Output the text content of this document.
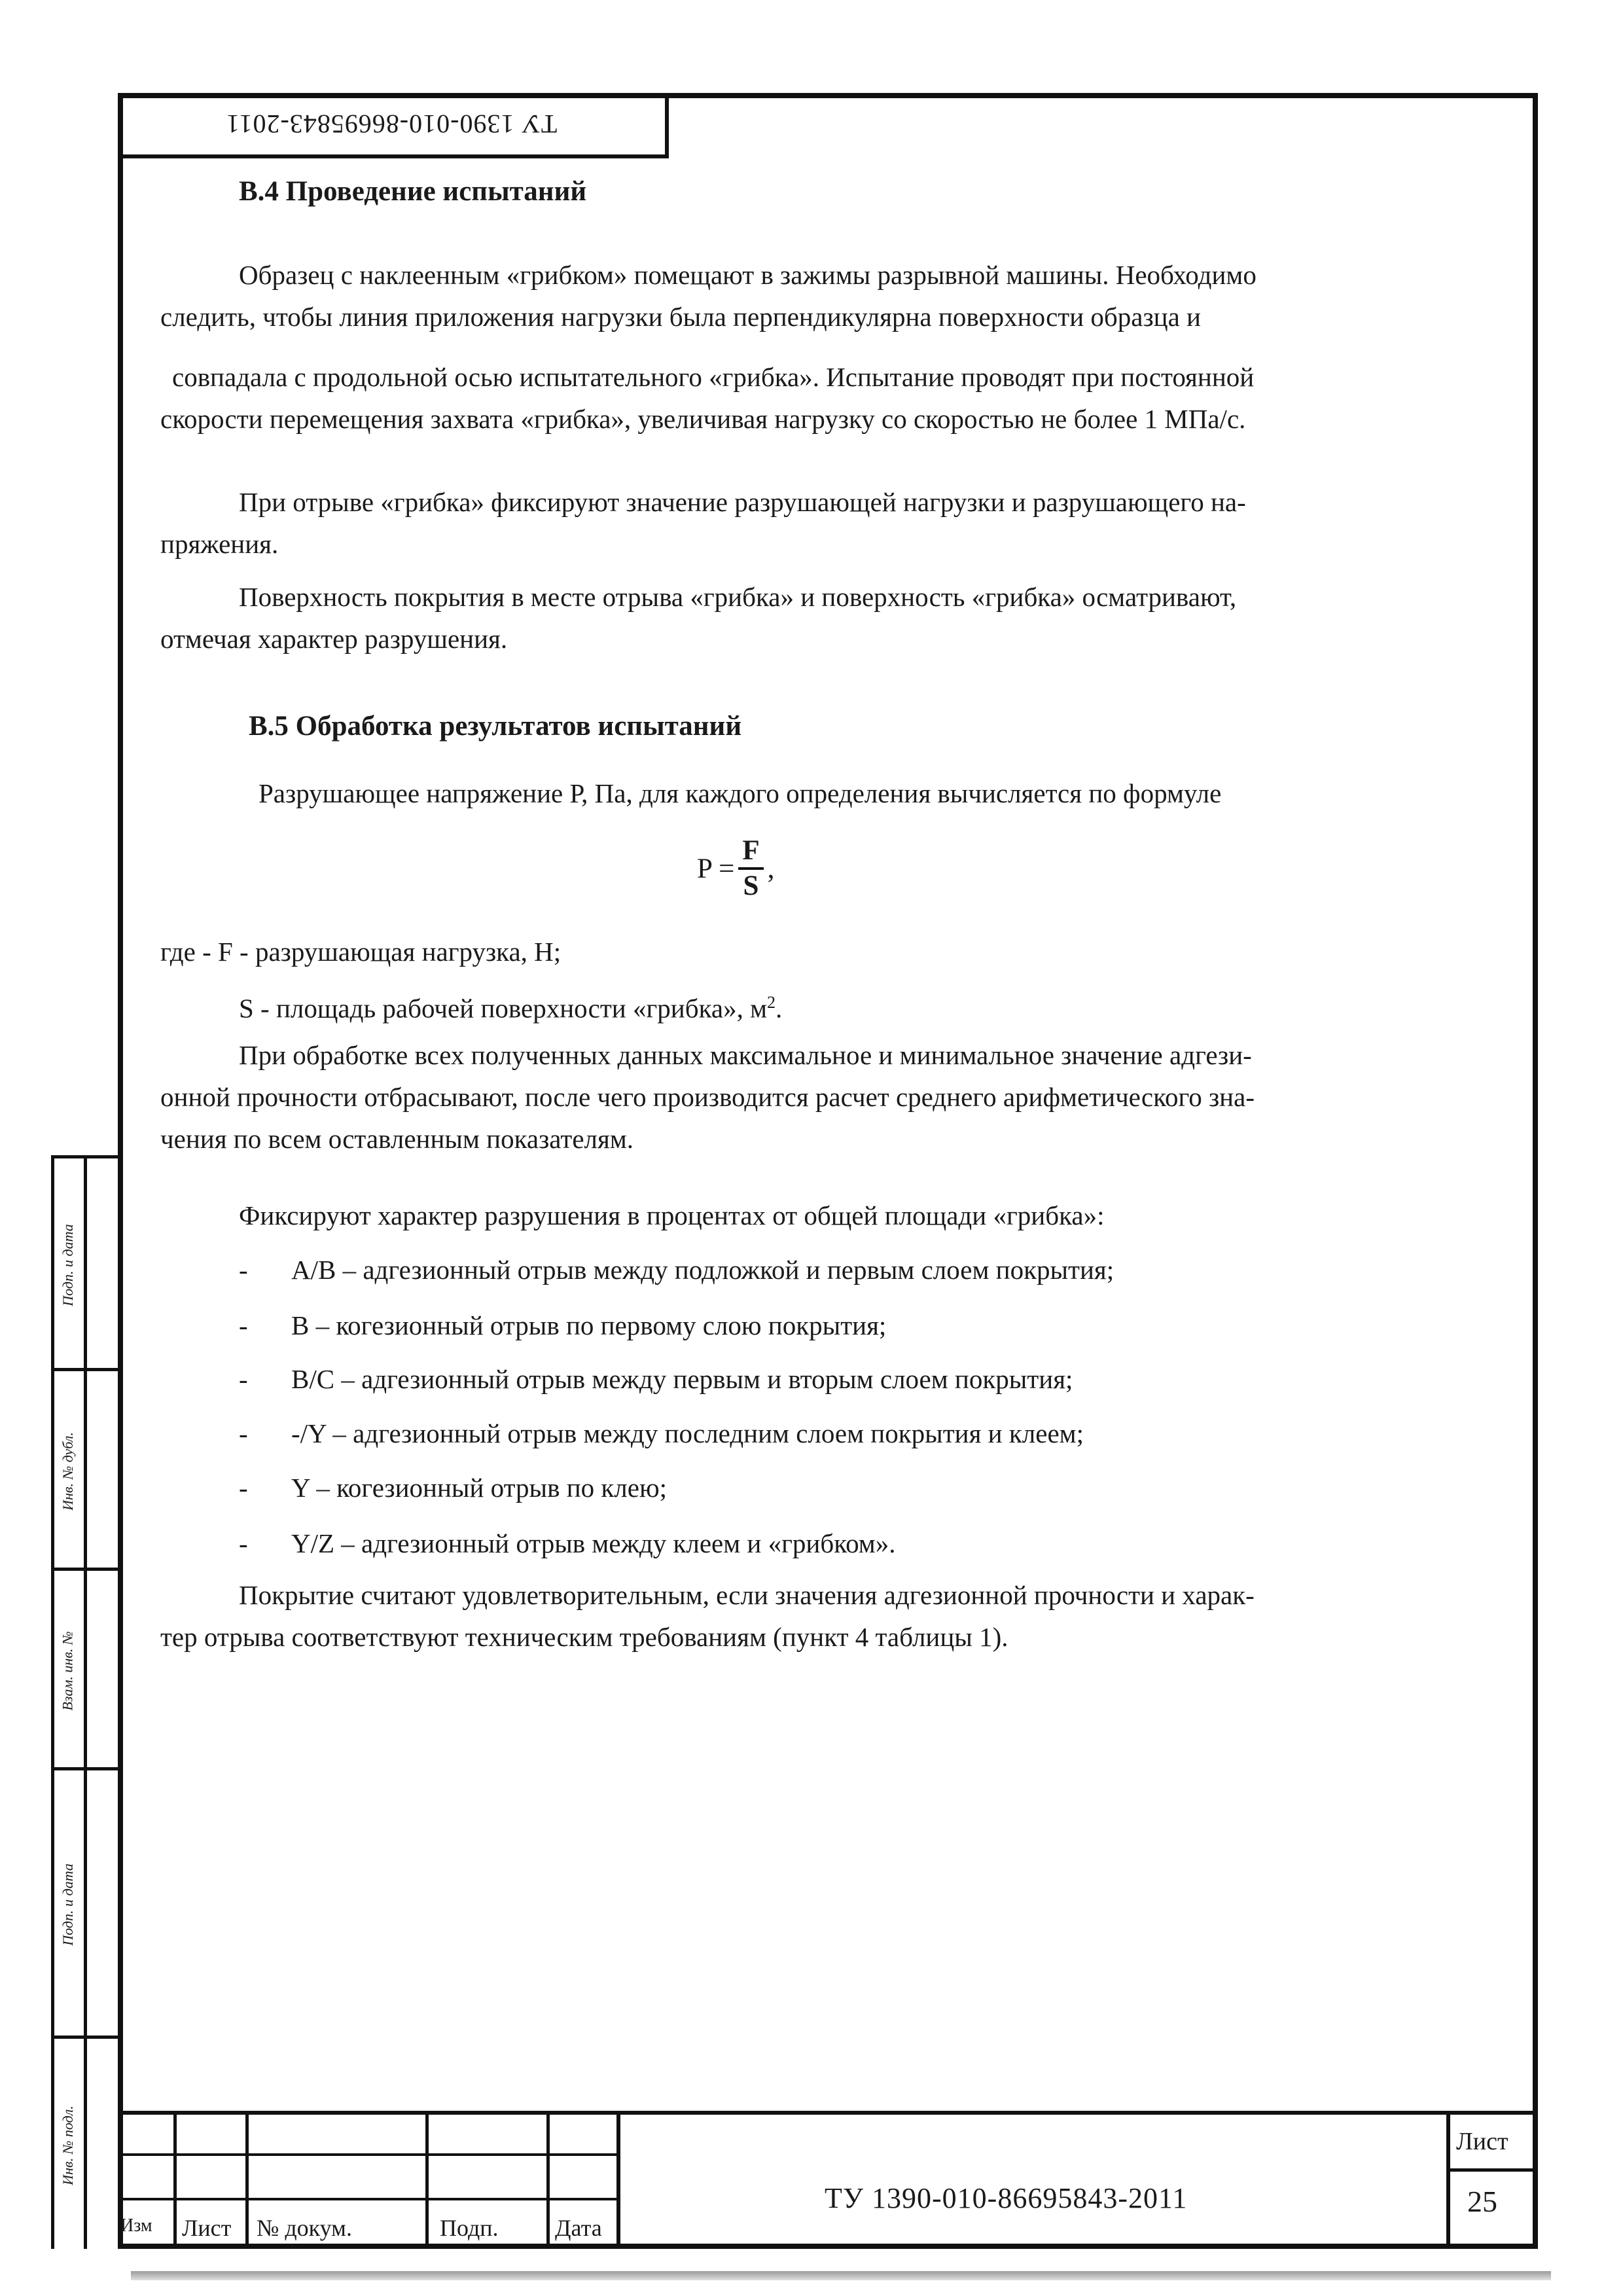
ТУ 1390-010-86695843-2011
В.4 Проведение испытаний
Образец с наклеенным «грибком» помещают в зажимы разрывной машины. Необходимо
следить, чтобы линия приложения нагрузки была перпендикулярна поверхности образца и
совпадала с продольной осью испытательного «грибка». Испытание проводят при постоянной
скорости перемещения захвата «грибка», увеличивая нагрузку со скоростью не более 1 МПа/с.
При отрыве «грибка» фиксируют значение разрушающей нагрузки и разрушающего на-
пряжения.
Поверхность покрытия в месте отрыва «грибка» и поверхность «грибка» осматривают,
отмечая характер разрушения.
В.5 Обработка результатов испытаний
Разрушающее напряжение Р, Па, для каждого определения вычисляется по формуле
$P = \frac{F}{S}$ ,
где - F - разрушающая нагрузка, Н;
S - площадь рабочей поверхности «грибка», $м^2$.
При обработке всех полученных данных максимальное и минимальное значение адгези-
онной прочности отбрасывают, после чего производится расчет среднего арифметического зна-
чения по всем оставленным показателям.
Фиксируют характер разрушения в процентах от общей площади «грибка»:
- A/B – адгезионный отрыв между подложкой и первым слоем покрытия;
- B – когезионный отрыв по первому слою покрытия;
- B/C – адгезионный отрыв между первым и вторым слоем покрытия;
- -/Y – адгезионный отрыв между последним слоем покрытия и клеем;
- Y – когезионный отрыв по клею;
- Y/Z – адгезионный отрыв между клеем и «грибком».
Покрытие считают удовлетворительным, если значения адгезионной прочности и харак-
тер отрыва соответствуют техническим требованиям (пункт 4 таблицы 1).
Подп. и дата
Инв. № дубл.
Взам. инв. №
Подп. и дата
Инв. № подл.
Изм Лист № докум.	Подп. Дата
ТУ 1390-010-86695843-2011
Лист
25
